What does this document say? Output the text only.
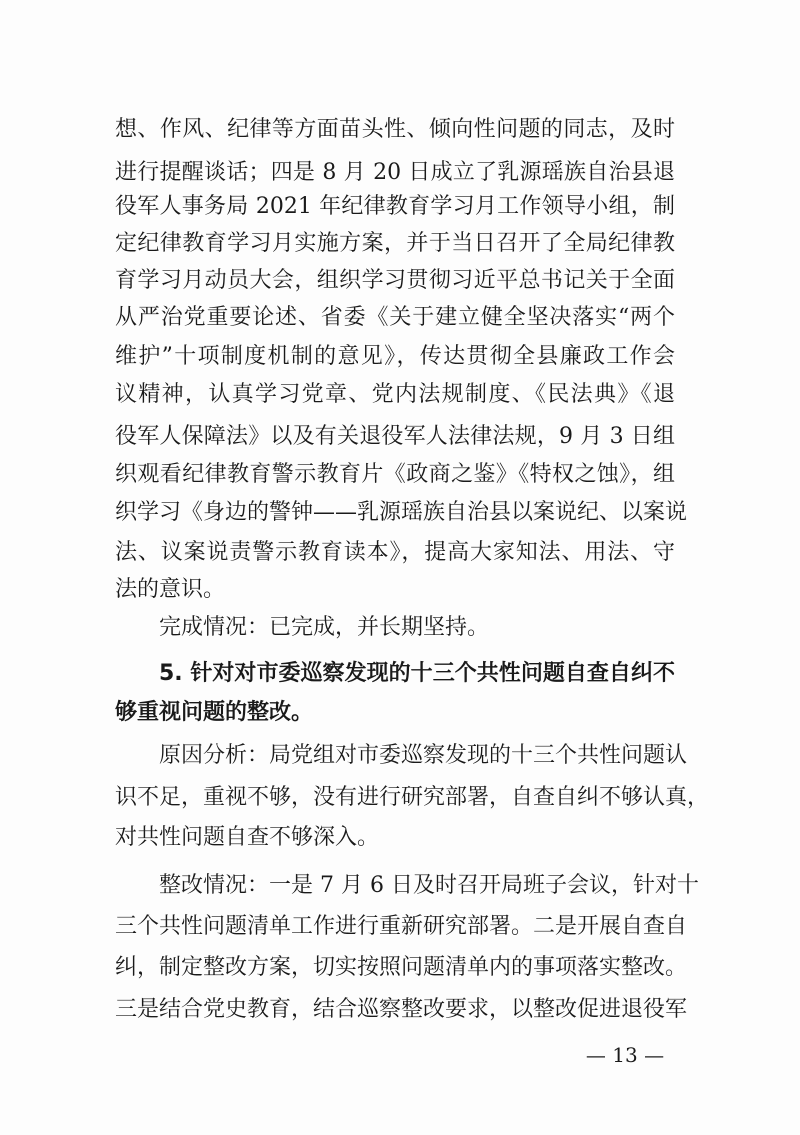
想、作风、纪律等方面苗头性、倾向性问题的同志，及时
进行提醒谈话；四是 8 月 20 日成立了乳源瑶族自治县退
役军人事务局 2021 年纪律教育学习月工作领导小组，制
定纪律教育学习月实施方案，并于当日召开了全局纪律教
育学习月动员大会，组织学习贯彻习近平总书记关于全面
从严治党重要论述、省委《关于建立健全坚决落实“两个
维护”十项制度机制的意见》，传达贯彻全县廉政工作会
议精神，认真学习党章、党内法规制度、《民法典》《退
役军人保障法》以及有关退役军人法律法规，9 月 3 日组
织观看纪律教育警示教育片《政商之鉴》《特权之蚀》，组
织学习《身边的警钟——乳源瑶族自治县以案说纪、以案说
法、议案说责警示教育读本》，提高大家知法、用法、守
法的意识。
完成情况：已完成，并长期坚持。
5. 针对对市委巡察发现的十三个共性问题自查自纠不
够重视问题的整改。
原因分析：局党组对市委巡察发现的十三个共性问题认
识不足，重视不够，没有进行研究部署，自查自纠不够认真，
对共性问题自查不够深入。
整改情况：一是 7 月 6 日及时召开局班子会议，针对十
三个共性问题清单工作进行重新研究部署。二是开展自查自
纠，制定整改方案，切实按照问题清单内的事项落实整改。
三是结合党史教育，结合巡察整改要求，以整改促进退役军
— 13 —
